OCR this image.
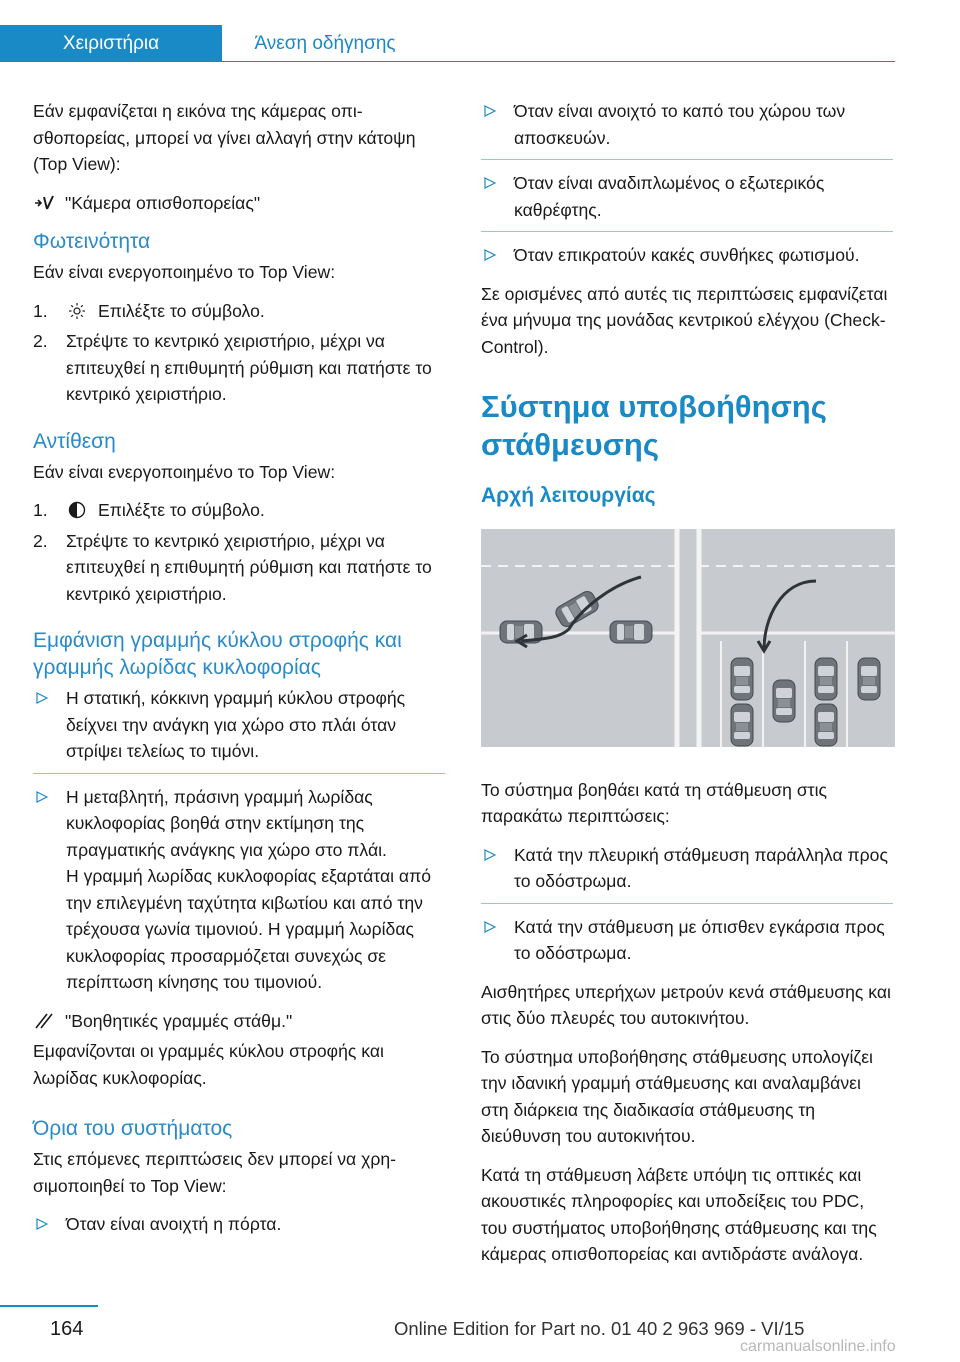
Χειριστήρια	Άνεση οδήγησης

Εάν εμφανίζεται η εικόνα της κάμερας οπισθοπορείας, μπορεί να γίνει αλλαγή στην κάτοψη (Top View):

"Κάμερα οπισθοπορείας"

Φωτεινότητα

Εάν είναι ενεργοποιημένο το Top View:

1.	Επιλέξτε το σύμβολο.
2. Στρέψτε το κεντρικό χειριστήριο, μέχρι να επιτευχθεί η επιθυμητή ρύθμιση και πατήστε το κεντρικό χειριστήριο.
Αντίθεση

Εάν είναι ενεργοποιημένο το Top View:

1.	Επιλέξτε το σύμβολο.
2. Στρέψτε το κεντρικό χειριστήριο, μέχρι να επιτευχθεί η επιθυμητή ρύθμιση και πατήστε το κεντρικό χειριστήριο.
Εμφάνιση γραμμής κύκλου στροφής και γραμμής λωρίδας κυκλοφορίας
Η στατική, κόκκινη γραμμή κύκλου στροφής δείχνει την ανάγκη για χώρο στο πλάι όταν στρίψει τελείως το τιμόνι.
Η μεταβλητή, πράσινη γραμμή λωρίδας κυκλοφορίας βοηθά στην εκτίμηση της πραγματικής ανάγκης για χώρο στο πλάι.

Η γραμμή λωρίδας κυκλοφορίας εξαρτάται από την επιλεγμένη ταχύτητα κιβωτίου και από την τρέχουσα γωνία τιμονιού. Η γραμμή λωρίδας κυκλοφορίας προσαρμόζεται συνεχώς σε περίπτωση κίνησης του τιμονιού.

"Βοηθητικές γραμμές στάθμ."

Εμφανίζονται οι γραμμές κύκλου στροφής και λωρίδας κυκλοφορίας.

Όρια του συστήματος

Στις επόμενες περιπτώσεις δεν μπορεί να χρησιμοποιηθεί το Top View:

Όταν είναι ανοιχτή η πόρτα.
Όταν είναι ανοιχτό το καπό του χώρου των αποσκευών.
Όταν είναι αναδιπλωμένος ο εξωτερικός καθρέφτης.
Όταν επικρατούν κακές συνθήκες φωτισμού.

Σε ορισμένες από αυτές τις περιπτώσεις εμφανίζεται ένα μήνυμα της μονάδας κεντρικού ελέγχου (Check-Control).

Σύστημα υποβοήθησης στάθμευσης
Αρχή λειτουργίας

Το σύστημα βοηθάει κατά τη στάθμευση στις παρακάτω περιπτώσεις:

Κατά την πλευρική στάθμευση παράλληλα προς το οδόστρωμα.
Κατά την στάθμευση με όπισθεν εγκάρσια προς το οδόστρωμα.

Αισθητήρες υπερήχων μετρούν κενά στάθμευσης και στις δύο πλευρές του αυτοκινήτου.

Το σύστημα υποβοήθησης στάθμευσης υπολογίζει την ιδανική γραμμή στάθμευσης και αναλαμβάνει στη διάρκεια της διαδικασία στάθμευσης τη διεύθυνση του αυτοκινήτου.

Κατά τη στάθμευση λάβετε υπόψη τις οπτικές και ακουστικές πληροφορίες και υποδείξεις του PDC, του συστήματος υποβοήθησης στάθμευσης και της κάμερας οπισθοπορείας και αντιδράστε ανάλογα.

164	Online Edition for Part no. 01 40 2 963 969 - VI/15
carmanualsonline.info
